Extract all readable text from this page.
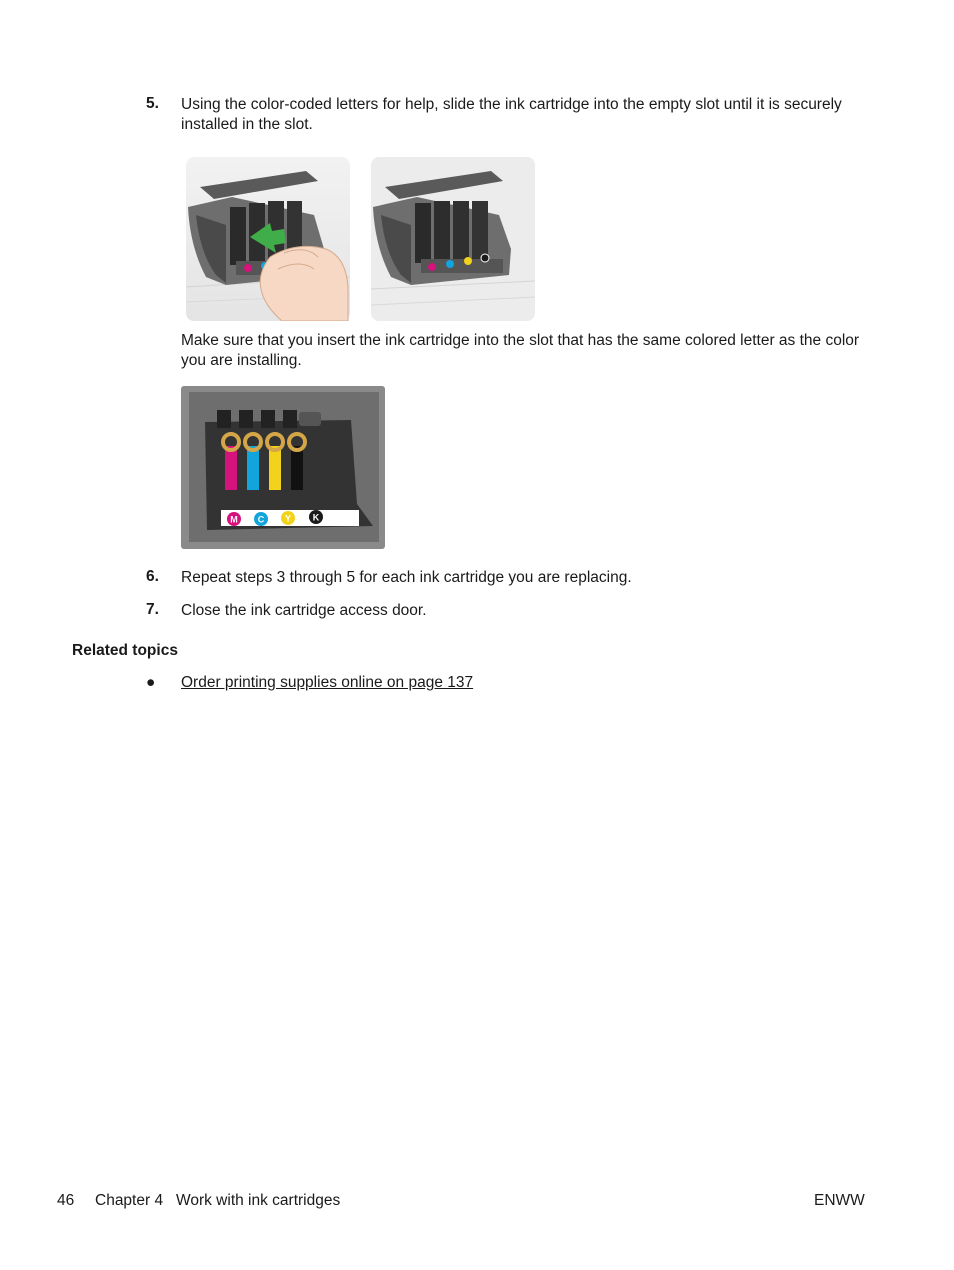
5. Using the color-coded letters for help, slide the ink cartridge into the empty slot until it is securely installed in the slot.
Make sure that you insert the ink cartridge into the slot that has the same colored letter as the color you are installing.
M C Y K
6. Repeat steps 3 through 5 for each ink cartridge you are replacing.
7. Close the ink cartridge access door.
Related topics
● Order printing supplies online on page 137
46 Chapter 4   Work with ink cartridges	ENWW
